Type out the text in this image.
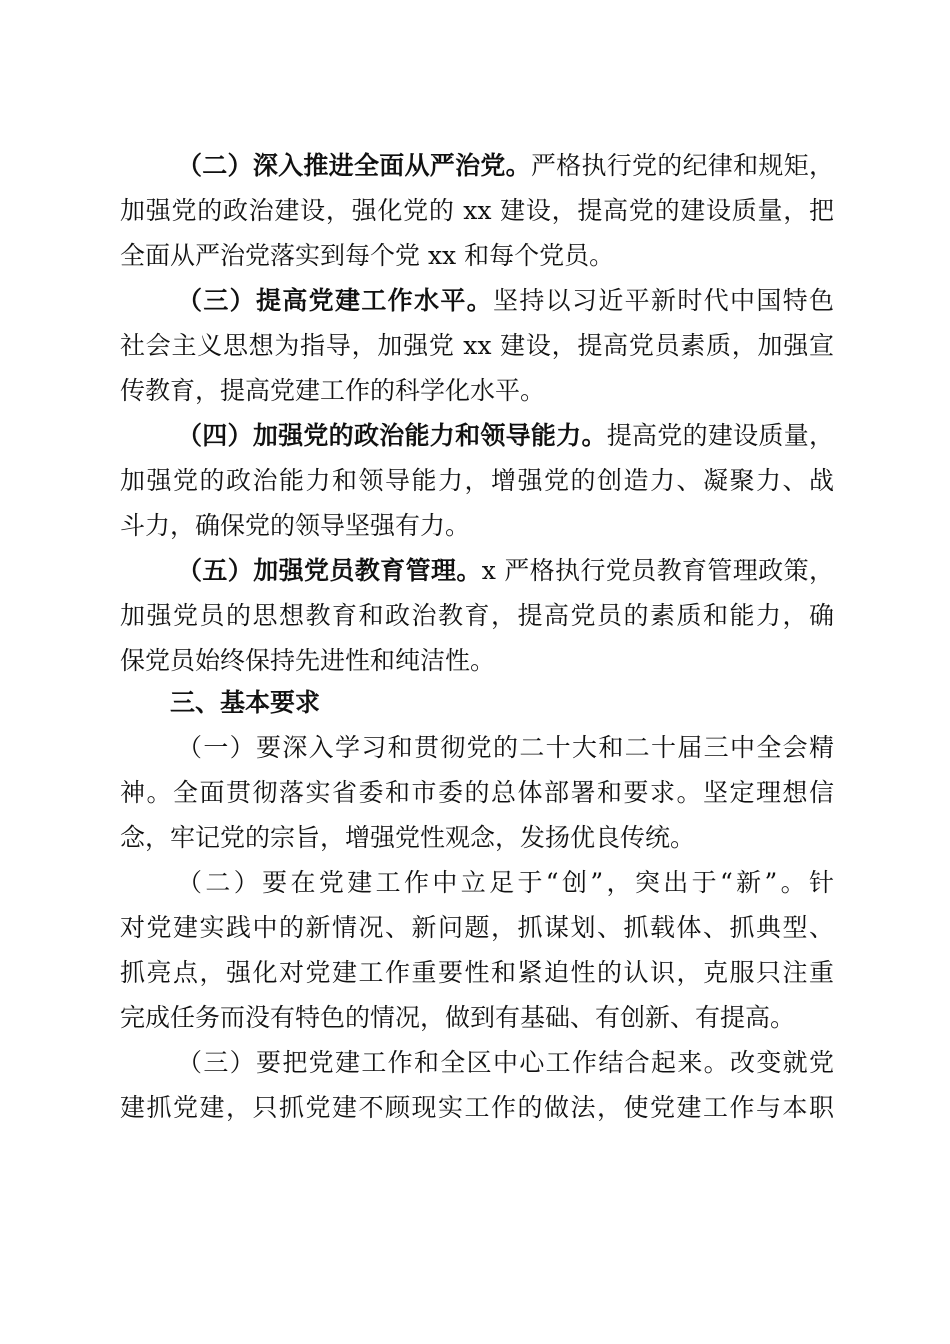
（二）深入推进全面从严治党。严格执行党的纪律和规矩，
加强党的政治建设，强化党的 xx 建设，提高党的建设质量，把
全面从严治党落实到每个党 xx 和每个党员。
（三）提高党建工作水平。坚持以习近平新时代中国特色
社会主义思想为指导，加强党 xx 建设，提高党员素质，加强宣
传教育，提高党建工作的科学化水平。
（四）加强党的政治能力和领导能力。提高党的建设质量，
加强党的政治能力和领导能力，增强党的创造力、凝聚力、战
斗力，确保党的领导坚强有力。
（五）加强党员教育管理。x 严格执行党员教育管理政策，
加强党员的思想教育和政治教育，提高党员的素质和能力，确
保党员始终保持先进性和纯洁性。
三、基本要求
（一）要深入学习和贯彻党的二十大和二十届三中全会精
神。全面贯彻落实省委和市委的总体部署和要求。坚定理想信
念，牢记党的宗旨，增强党性观念，发扬优良传统。
（二）要在党建工作中立足于“创”，突出于“新”。针
对党建实践中的新情况、新问题，抓谋划、抓载体、抓典型、
抓亮点，强化对党建工作重要性和紧迫性的认识，克服只注重
完成任务而没有特色的情况，做到有基础、有创新、有提高。
（三）要把党建工作和全区中心工作结合起来。改变就党
建抓党建，只抓党建不顾现实工作的做法，使党建工作与本职
